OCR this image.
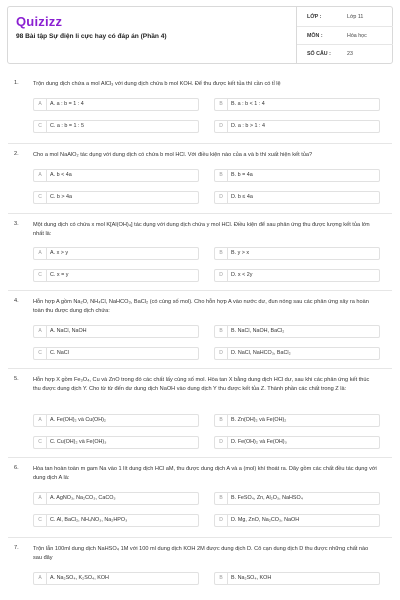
Quizizz
98 Bài tập Sự điện li cực hay có đáp án (Phần 4)
LỚP :	Lớp 11
MÔN :	Hóa học
SỐ CÂU :	23
1.	Trộn dung dịch chứa a mol AlCl₃ với dung dịch chứa b mol KOH. Để thu được kết tủa thì cần có tỉ lệ
A	A. a : b = 1 : 4	B	B. a : b < 1 : 4
C	C. a : b = 1 : 5	D	D. a : b > 1 : 4
2.	Cho a mol NaAlO₂ tác dụng với dung dịch có chứa b mol HCl. Với điều kiện nào của a và b thì xuất hiện kết tủa?
A	A. b < 4a	B	B. b = 4a
C	C. b > 4a	D	D. b ≤ 4a
3.	Một dung dịch có chứa x mol K[Al(OH)₄] tác dụng với dung dịch chứa y mol HCl. Điều kiện để sau phản ứng thu được lượng kết tủa lớn nhất là:
A	A. x > y	B	B. y > x
C	C. x = y	D	D. x < 2y
4.	Hỗn hợp A gồm Na₂O, NH₄Cl, NaHCO₃, BaCl₂ (có cùng số mol). Cho hỗn hợp A vào nước dư, đun nóng sau các phản ứng xảy ra hoàn toàn thu được dung dịch chứa:
A	A. NaCl, NaOH	B	B. NaCl, NaOH, BaCl₂
C	C. NaCl	D	D. NaCl, NaHCO₃, BaCl₂
5.	Hỗn hợp X gồm Fe₃O₄, Cu và ZnO trong đó các chất lấy cùng số mol. Hòa tan X bằng dung dịch HCl dư, sau khi các phản ứng kết thúc thu được dung dịch Y. Cho từ từ đến dư dung dịch NaOH vào dung dịch Y thu được kết tủa Z. Thành phần các chất trong Z là:
A	A. Fe(OH)₂ và Cu(OH)₂	B	B. Zn(OH)₂ và Fe(OH)₂
C	C. Cu(OH)₂ và Fe(OH)₃	D	D. Fe(OH)₂ và Fe(OH)₃
6.	Hòa tan hoàn toàn m gam Na vào 1 lít dung dịch HCl aM, thu được dung dịch A và a (mol) khí thoát ra. Dãy gồm các chất đều tác dụng với dung dịch A là:
A	A. AgNO₃, Na₂CO₃, CaCO₃	B	B. FeSO₄, Zn, Al₂O₃, NaHSO₄
C	C. Al, BaCl₂, NH₄NO₃, Na₂HPO₃	D	D. Mg, ZnO, Na₂CO₃, NaOH
7.	Trộn lẫn 100ml dung dịch NaHSO₄ 1M với 100 ml dung dịch KOH 2M được dung dịch D. Cô cạn dung dịch D thu được những chất nào sau đây
A	A. Na₂SO₄, K₂SO₄, KOH	B	B. Na₂SO₄, KOH
